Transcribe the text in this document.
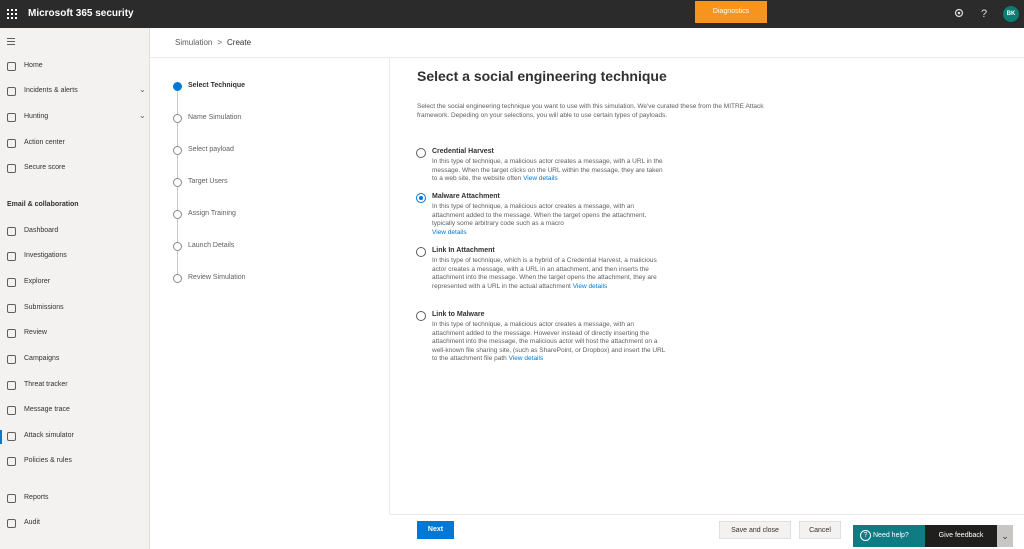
Microsoft 365 security	Diagnostics	?	BK
Home
Incidents & alerts	⌄
Hunting	⌄
Action center
Secure score
Email & collaboration
Dashboard
Investigations
Explorer
Submissions
Review
Campaigns
Threat tracker
Message trace
Attack simulator
Policies & rules
Reports
Audit
Simulation > Create
Select Technique
Name Simulation
Select payload
Target Users
Assign Training
Launch Details
Review Simulation
Select a social engineering technique
Select the social engineering technique you want to use with this simulation. We've curated these from the MITRE Attack framework. Depeding on your selections, you will able to use certain types of payloads.
Credential Harvest
In this type of technique, a malicious actor creates a message, with a URL in the message. When the target clicks on the URL within the message, they are taken to a web site, the website often View details
Malware Attachment
In this type of technique, a malicious actor creates a message, with an attachment added to the message. When the target opens the attachment, typically some arbitrary code such as a macro
View details
Link In Attachment
In this type of technique, which is a hybrid of a Credential Harvest, a malicious actor creates a message, with a URL in an attachment, and then inserts the attachment into the message. When the target opens the attachment, they are represented with a URL in the actual attachment View details
Link to Malware
In this type of technique, a malicious actor creates a message, with an attachment added to the message. However instead of directly inserting the attachment into the message, the malicious actor will host the attachment on a well-known file sharing site, (such as SharePoint, or Dropbox) and insert the URL to the attachment file path View details
Next	Save and close	Cancel
? Need help?	Give feedback	⌄
